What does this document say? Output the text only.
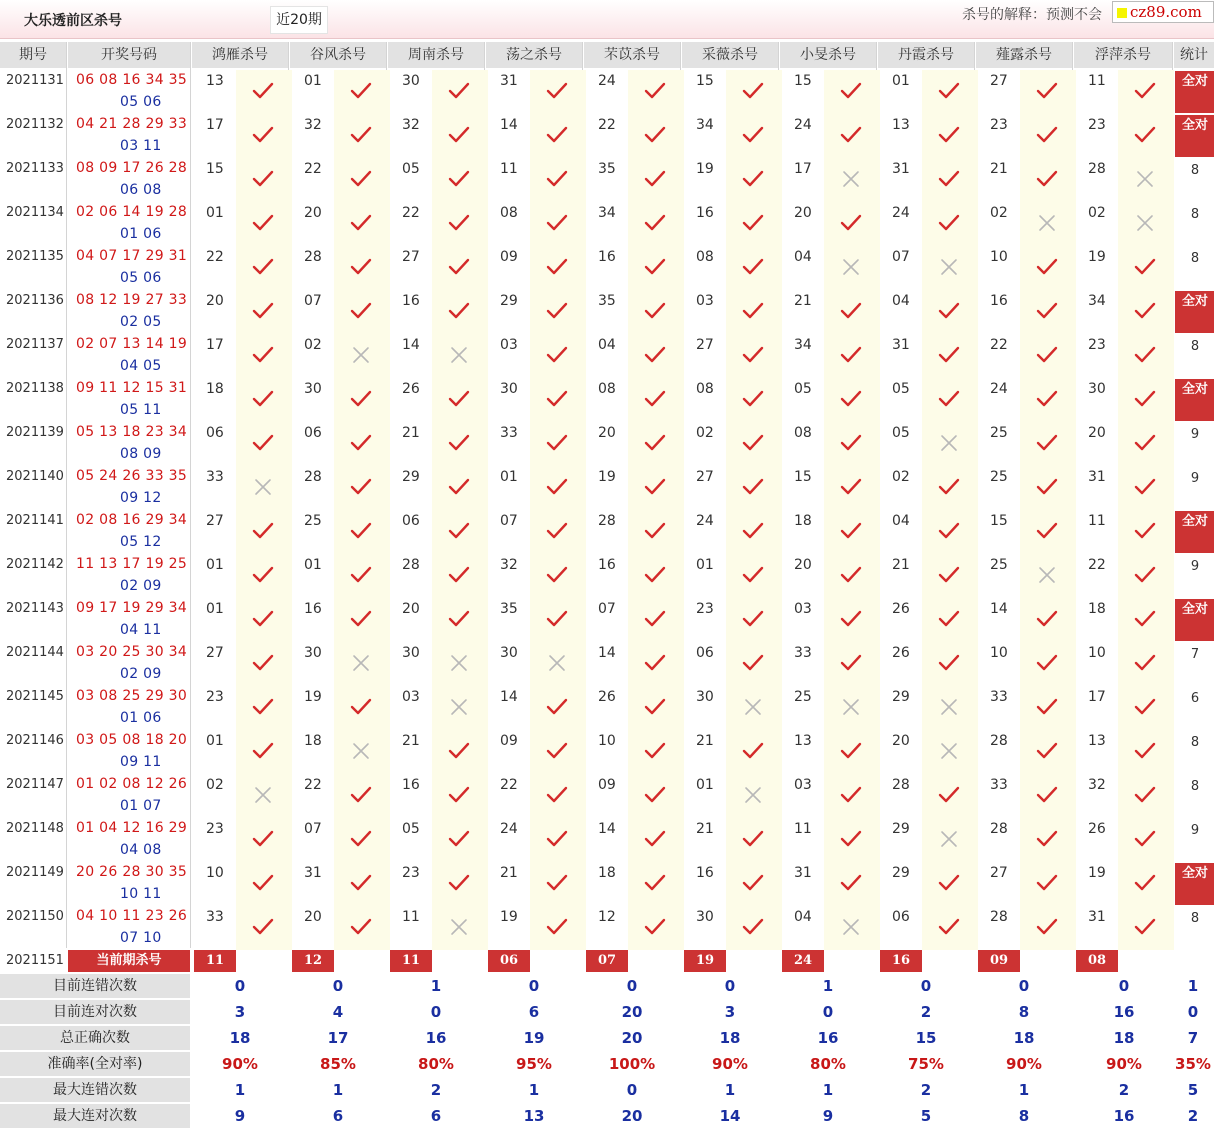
大乐透前区杀号	近20期	杀号的解释：预测不会	cz89.com
期号	开奖号码	鸿雁杀号	谷风杀号	周南杀号	荡之杀号	芣苡杀号	采薇杀号	小旻杀号	丹霞杀号	薤露杀号	浮萍杀号	统计
2021131 06 08 16 34 35
05 06
13	01	30	31	24	15	15	01	27	11	全对
2021132 04 21 28 29 33
03 11
17	32	32	14	22	34	24	13	23	23	全对
2021133 08 09 17 26 28
06 08
15	22	05	11	35	19	17	31	21	28	8
2021134 02 06 14 19 28
01 06
01	20	22	08	34	16	20	24	02	02	8
2021135 04 07 17 29 31
05 06
22	28	27	09	16	08	04	07	10	19	8
2021136 08 12 19 27 33
02 05
20	07	16	29	35	03	21	04	16	34	全对
2021137 02 07 13 14 19
04 05
17	02	14	03	04	27	34	31	22	23	8
2021138 09 11 12 15 31
05 11
18	30	26	30	08	08	05	05	24	30	全对
2021139 05 13 18 23 34
08 09
06	06	21	33	20	02	08	05	25	20	9
2021140 05 24 26 33 35
09 12
33	28	29	01	19	27	15	02	25	31	9
2021141 02 08 16 29 34
05 12
27	25	06	07	28	24	18	04	15	11	全对
2021142 11 13 17 19 25
02 09
01	01	28	32	16	01	20	21	25	22	9
2021143 09 17 19 29 34
04 11
01	16	20	35	07	23	03	26	14	18	全对
2021144 03 20 25 30 34
02 09
27	30	30	30	14	06	33	26	10	10	7
2021145 03 08 25 29 30
01 06
23	19	03	14	26	30	25	29	33	17	6
2021146 03 05 08 18 20
09 11
01	18	21	09	10	21	13	20	28	13	8
2021147 01 02 08 12 26
01 07
02	22	16	22	09	01	03	28	33	32	8
2021148 01 04 12 16 29
04 08
23	07	05	24	14	21	11	29	28	26	9
2021149 20 26 28 30 35
10 11
10	31	23	21	18	16	31	29	27	19	全对
2021150 04 10 11 23 26
07 10
33	20	11	19	12	30	04	06	28	31	8
2021151	当前期杀号	11	12	11	06	07	19	24	16	09	08
目前连错次数	0	0	1	0	0	0	1	0	0	0	1
目前连对次数	3	4	0	6	20	3	0	2	8	16	0
总正确次数	18	17	16	19	20	18	16	15	18	18	7
准确率(全对率)	90%	85%	80%	95%	100%	90%	80%	75%	90%	90%	35%
最大连错次数	1	1	2	1	0	1	1	2	1	2	5
最大连对次数	9	6	6	13	20	14	9	5	8	16	2
